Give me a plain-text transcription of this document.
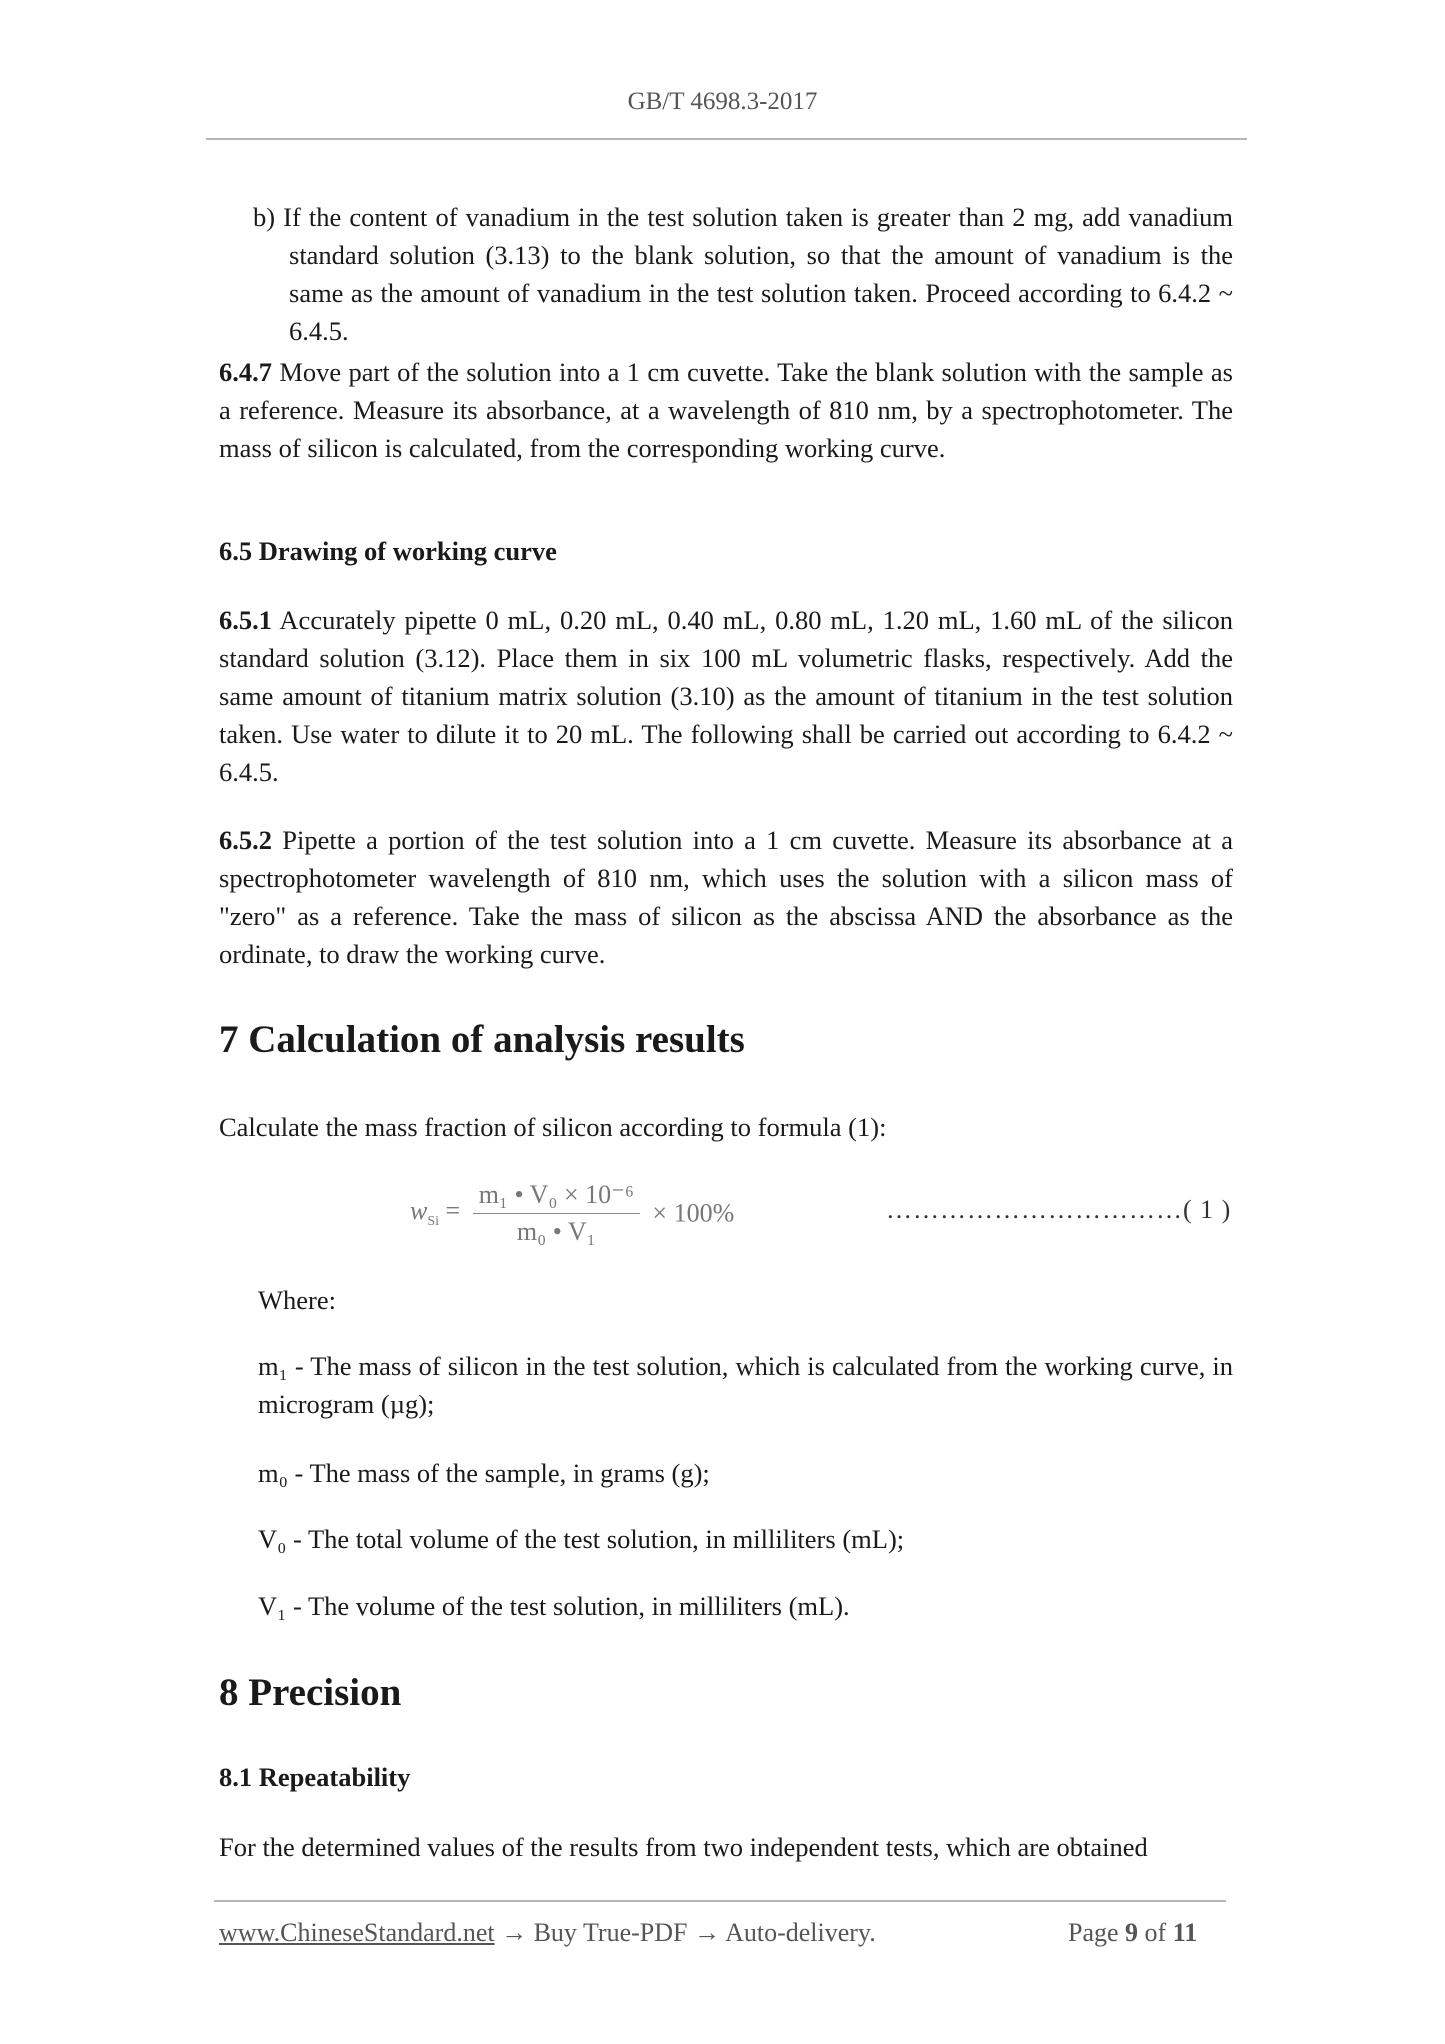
GB/T 4698.3-2017

b) If the content of vanadium in the test solution taken is greater than 2 mg, add vanadium standard solution (3.13) to the blank solution, so that the amount of vanadium is the same as the amount of vanadium in the test solution taken. Proceed according to 6.4.2 ~ 6.4.5.

6.4.7 Move part of the solution into a 1 cm cuvette. Take the blank solution with the sample as a reference. Measure its absorbance, at a wavelength of 810 nm, by a spectrophotometer. The mass of silicon is calculated, from the corresponding working curve.

6.5 Drawing of working curve

6.5.1 Accurately pipette 0 mL, 0.20 mL, 0.40 mL, 0.80 mL, 1.20 mL, 1.60 mL of the silicon standard solution (3.12). Place them in six 100 mL volumetric flasks, respectively. Add the same amount of titanium matrix solution (3.10) as the amount of titanium in the test solution taken. Use water to dilute it to 20 mL. The following shall be carried out according to 6.4.2 ~ 6.4.5.

6.5.2 Pipette a portion of the test solution into a 1 cm cuvette. Measure its absorbance at a spectrophotometer wavelength of 810 nm, which uses the solution with a silicon mass of "zero" as a reference. Take the mass of silicon as the abscissa AND the absorbance as the ordinate, to draw the working curve.

7 Calculation of analysis results
Calculate the mass fraction of silicon according to formula (1):
$w_{Si} = \frac{\text{m₁ • V₀ × 10⁻⁶}}{\text{m₀ • V₁}} \times 100\%$	……………………………( 1 )
Where:

m₁ - The mass of silicon in the test solution, which is calculated from the working curve, in microgram (µg);

m₀ - The mass of the sample, in grams (g);

V₀ - The total volume of the test solution, in milliliters (mL);

V₁ - The volume of the test solution, in milliliters (mL).

8 Precision
8.1 Repeatability
For the determined values of the results from two independent tests, which are obtained
www.ChineseStandard.net → Buy True-PDF → Auto-delivery.	Page 9 of 11
